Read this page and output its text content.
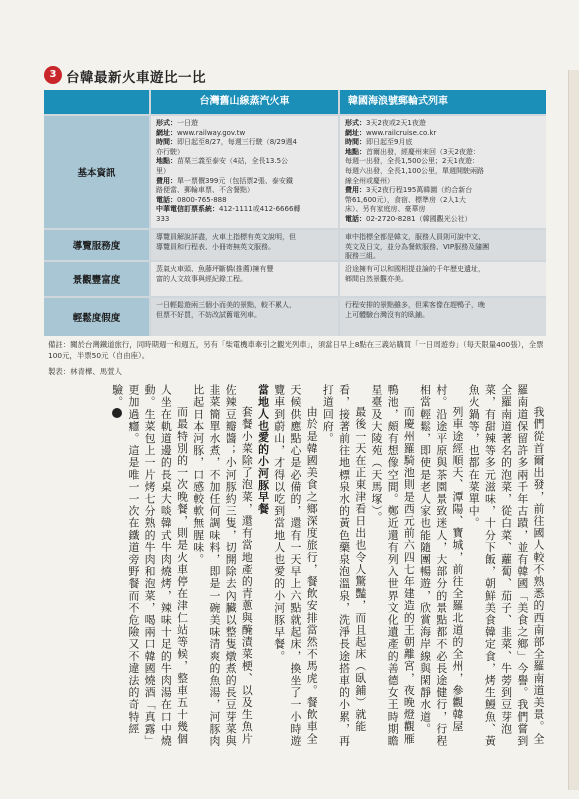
3 台韓最新火車遊比一比
台灣舊山線蒸汽火車	韓國海浪號郵輪式列車
基本資訊
形式：一日遊
網址：www.railway.gov.tw
時間：即日起至8/27，每週三行駛（8/29週4
亦行駛）
地點：苗栗三義至泰安（4站，全長13.5公
里）
費用：單一票價399元（包括票2張、泰安鐵
路便當、郵輪車票、不含餐點）
電話：0800-765-888
中華電信訂票系統：412-1111或412-6666轉
333
形式：3天2夜或2天1夜遊
網址：www.railcruise.co.kr
時間：即日起至9月底
地點：首爾出發，經慶州來回（3天2夜遊：
每週一出發，全長1,500公里；2天1夜遊：
每週六出發，全長1,100公里，單週開駛兩路
線全州或慶州）
費用：3天2夜行程195萬韓圜（約合新台
幣61,600元），食宿、標準房（2人1大
床）、另有家庭房、豪華房
電話：02-2720-8281（韓國觀光公社）
導覽服務度
導覽員解說詳盡，火車上指標有英文說明，但
導覽員和行程表、小冊寄無英文服務。
車中指標全都是韓文，服務人員則可說中文、
英文及日文，並分為餐飲服務、VIP服務及隨團
服務三組。
景觀豐富度
蒸氣火車頭、魚藤坪斷橋(推薦)擁有豐
富的人文故事與經紀錄工程。
沿途擁有可以和國相提並論的千年歷史遺址，
鄉間自然景觀亦美。
輕鬆度假度
一日輕鬆遊兩三個小而美的景點，較不累人，
但票不好買，不妨改試舊電列車。
行程安排的景點雖多，但乘客像在趕鴨子，晚
上可體驗台灣沒有的臥鋪。
備註：關於台灣鐵道旅行，同時期週一和週五，另有「柴電機車牽引之觀光列車」，須當日早上8點在三義站購買「一日周遊券」（每天限量400張），全票100元，半票50元（自由座）。
製表：林青樺、馬萱人

我們從首爾出發，前往國人較不熟悉的西南部全羅南道美景。全羅南道保留許多兩千年古蹟，並有韓國「美食之鄉」今譽。我們嘗到全羅南道著名的泡菜，從白菜、蘿蔔、茄子、韭菜、牛蒡到豆芽泡菜，有甜辣等多元滋味，十分下飯，朝鮮美食韓定食，烤生鰻魚、黃魚火鍋等，也都在菜單中。

列車途經順天、潭陽、寶城，前往全羅北道的全州，參觀韓屋村。沿途平原與茶園景致迷人，大部分的景點都不必長途健行，行程相當輕鬆，即使是老人家也能隨團暢遊，欣賞海岸線與閑靜水道。

而慶州羅騎池則是西元前六四七年建造的王朝離宮，夜晚燈觀雁鴨池，頗有想像空間。鄭近還有列入世界文化遺產的善德女王時期瞻星臺及大陵苑（天馬塚）。

最後一天在正東津看日出也令人驚豔，而且起床（臥鋪）就能看，接著前往地標泉水的黃色藥泉泡溫泉，洗淨長途搭車的小累，再打道回府。

由於是韓國美食之鄉深度旅行，餐飲安排當然不馬虎。餐飲車全天候供應點心是必備的，還有一天早上六點就起床，換坐了一小時遊覽車到蔚山，才得以吃到當地人也愛的小河豚早餐。

當地人也愛的小河豚早餐

套餐小菜除了泡菜，還有當地產的青蔥與醃漬菜梗、以及生魚片佐辣豆瓣醬；小河豚約三隻，切開除去內臟以整隻燉煮的長豆芽菜與韭菜簡單水煮，不加任何調味料，即是一碗美味清爽的魚湯，河豚肉比起日本河豚，口感較軟無腥味。

而最特別的一次晚餐，則是火車停在津仁站等候，整車五十幾個人坐在軌道邊的長桌大啖韓式牛肉燒烤，辣味十足的牛肉湯在口中燒動。生菜包上一片烤七分熟的牛肉和泡菜，喝兩口韓國燒酒「真露」更加過癮。這是唯一一次在鐵道旁野餐而不危險又不違法的奇特經驗。
